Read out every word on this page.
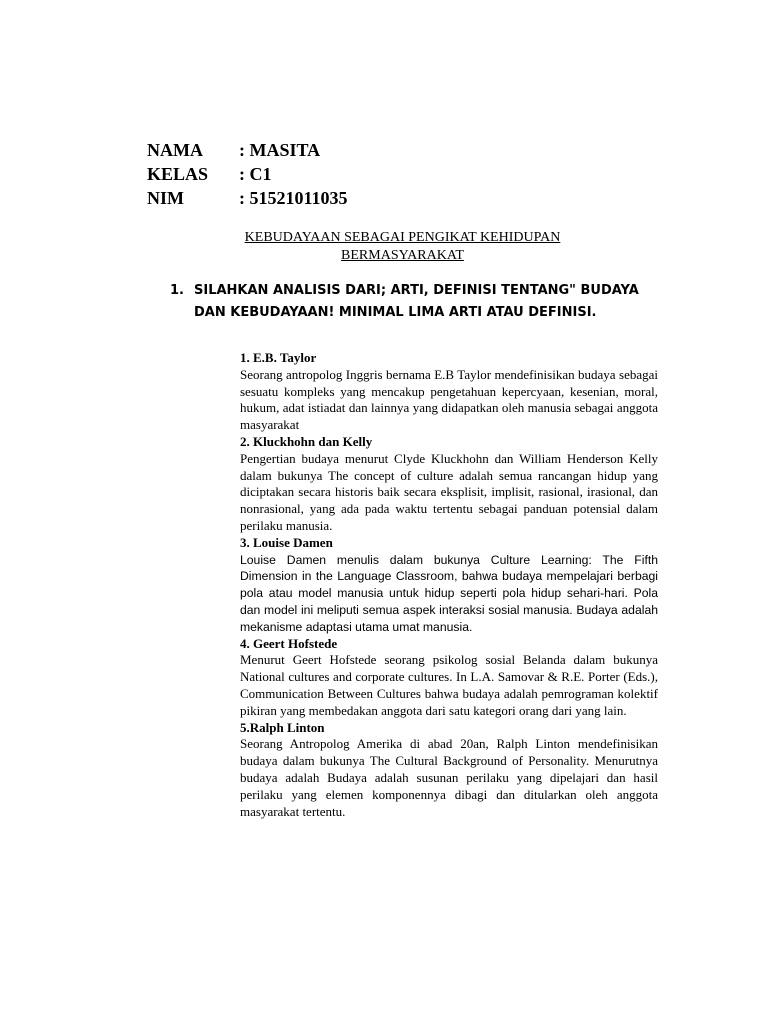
NAMA	: MASITA
KELAS	: C1
NIM	: 51521011035
KEBUDAYAAN SEBAGAI PENGIKAT KEHIDUPAN
BERMASYARAKAT
1. SILAHKAN ANALISIS DARI; ARTI, DEFINISI TENTANG" BUDAYA DAN KEBUDAYAAN! MINIMAL LIMA ARTI ATAU DEFINISI.
1. E.B. Taylor

Seorang antropolog Inggris bernama E.B Taylor mendefinisikan budaya sebagai sesuatu kompleks yang mencakup pengetahuan kepercyaan, kesenian, moral, hukum, adat istiadat dan lainnya yang didapatkan oleh manusia sebagai anggota masyarakat

2. Kluckhohn dan Kelly

Pengertian budaya menurut Clyde Kluckhohn dan William Henderson Kelly dalam bukunya The concept of culture adalah semua rancangan hidup yang diciptakan secara historis baik secara eksplisit, implisit, rasional, irasional, dan nonrasional, yang ada pada waktu tertentu sebagai panduan potensial dalam perilaku manusia.

3. Louise Damen

Louise Damen menulis dalam bukunya Culture Learning: The Fifth Dimension in the Language Classroom, bahwa budaya mempelajari berbagi pola atau model manusia untuk hidup seperti pola hidup sehari-hari. Pola dan model ini meliputi semua aspek interaksi sosial manusia. Budaya adalah mekanisme adaptasi utama umat manusia.

4. Geert Hofstede

Menurut Geert Hofstede seorang psikolog sosial Belanda dalam bukunya National cultures and corporate cultures. In L.A. Samovar & R.E. Porter (Eds.), Communication Between Cultures bahwa budaya adalah pemrograman kolektif pikiran yang membedakan anggota dari satu kategori orang dari yang lain.

5.Ralph Linton

Seorang Antropolog Amerika di abad 20an, Ralph Linton mendefinisikan budaya dalam bukunya The Cultural Background of Personality. Menurutnya budaya adalah Budaya adalah susunan perilaku yang dipelajari dan hasil perilaku yang elemen komponennya dibagi dan ditularkan oleh anggota masyarakat tertentu.
